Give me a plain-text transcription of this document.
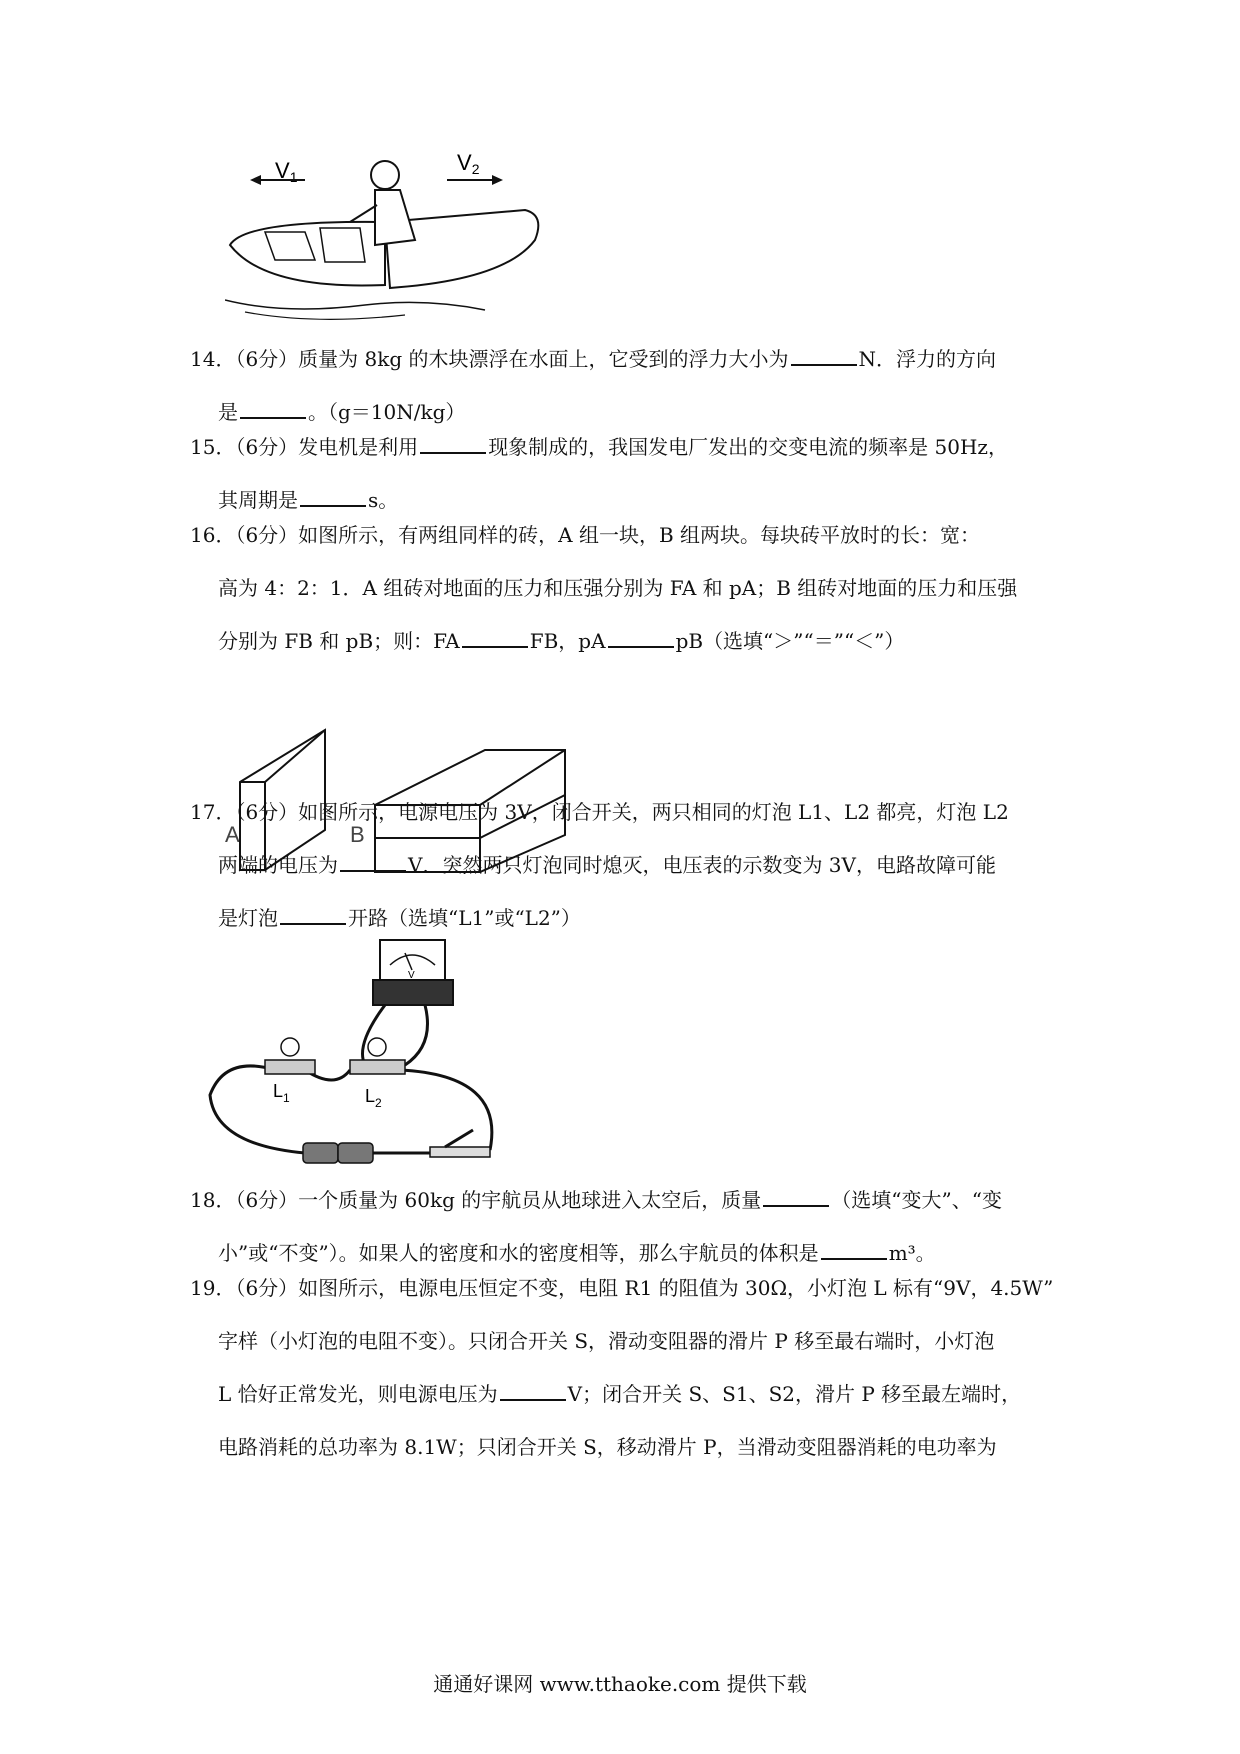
V1
V2
14．（6分）质量为 8kg 的木块漂浮在水面上，它受到的浮力大小为	N．浮力的方向
是	。（g＝10N/kg）
15．（6分）发电机是利用	现象制成的，我国发电厂发出的交变电流的频率是 50Hz，
其周期是	s。
16．（6分）如图所示，有两组同样的砖，A 组一块，B 组两块。每块砖平放时的长：宽：
高为 4：2：1．A 组砖对地面的压力和压强分别为 FA 和 pA；B 组砖对地面的压力和压强
分别为 FB 和 pB；则：FA	FB，pA	pB（选填“＞”“＝”“＜”）
A	B
17．（6分）如图所示，电源电压为 3V，闭合开关，两只相同的灯泡 L1、L2 都亮，灯泡 L2
两端的电压为	V．突然两只灯泡同时熄灭，电压表的示数变为 3V，电路故障可能
是灯泡	开路（选填“L1”或“L2”）
V
$L_1$	$L_2$
18．（6分）一个质量为 60kg 的宇航员从地球进入太空后，质量	（选填“变大”、“变
小”或“不变”）。如果人的密度和水的密度相等，那么宇航员的体积是	m³。
19．（6分）如图所示，电源电压恒定不变，电阻 R1 的阻值为 30Ω，小灯泡 L 标有“9V，4.5W”
字样（小灯泡的电阻不变）。只闭合开关 S，滑动变阻器的滑片 P 移至最右端时，小灯泡
L 恰好正常发光，则电源电压为	V；闭合开关 S、S1、S2，滑片 P 移至最左端时，
电路消耗的总功率为 8.1W；只闭合开关 S，移动滑片 P，当滑动变阻器消耗的电功率为
通通好课网 www.tthaoke.com 提供下载
